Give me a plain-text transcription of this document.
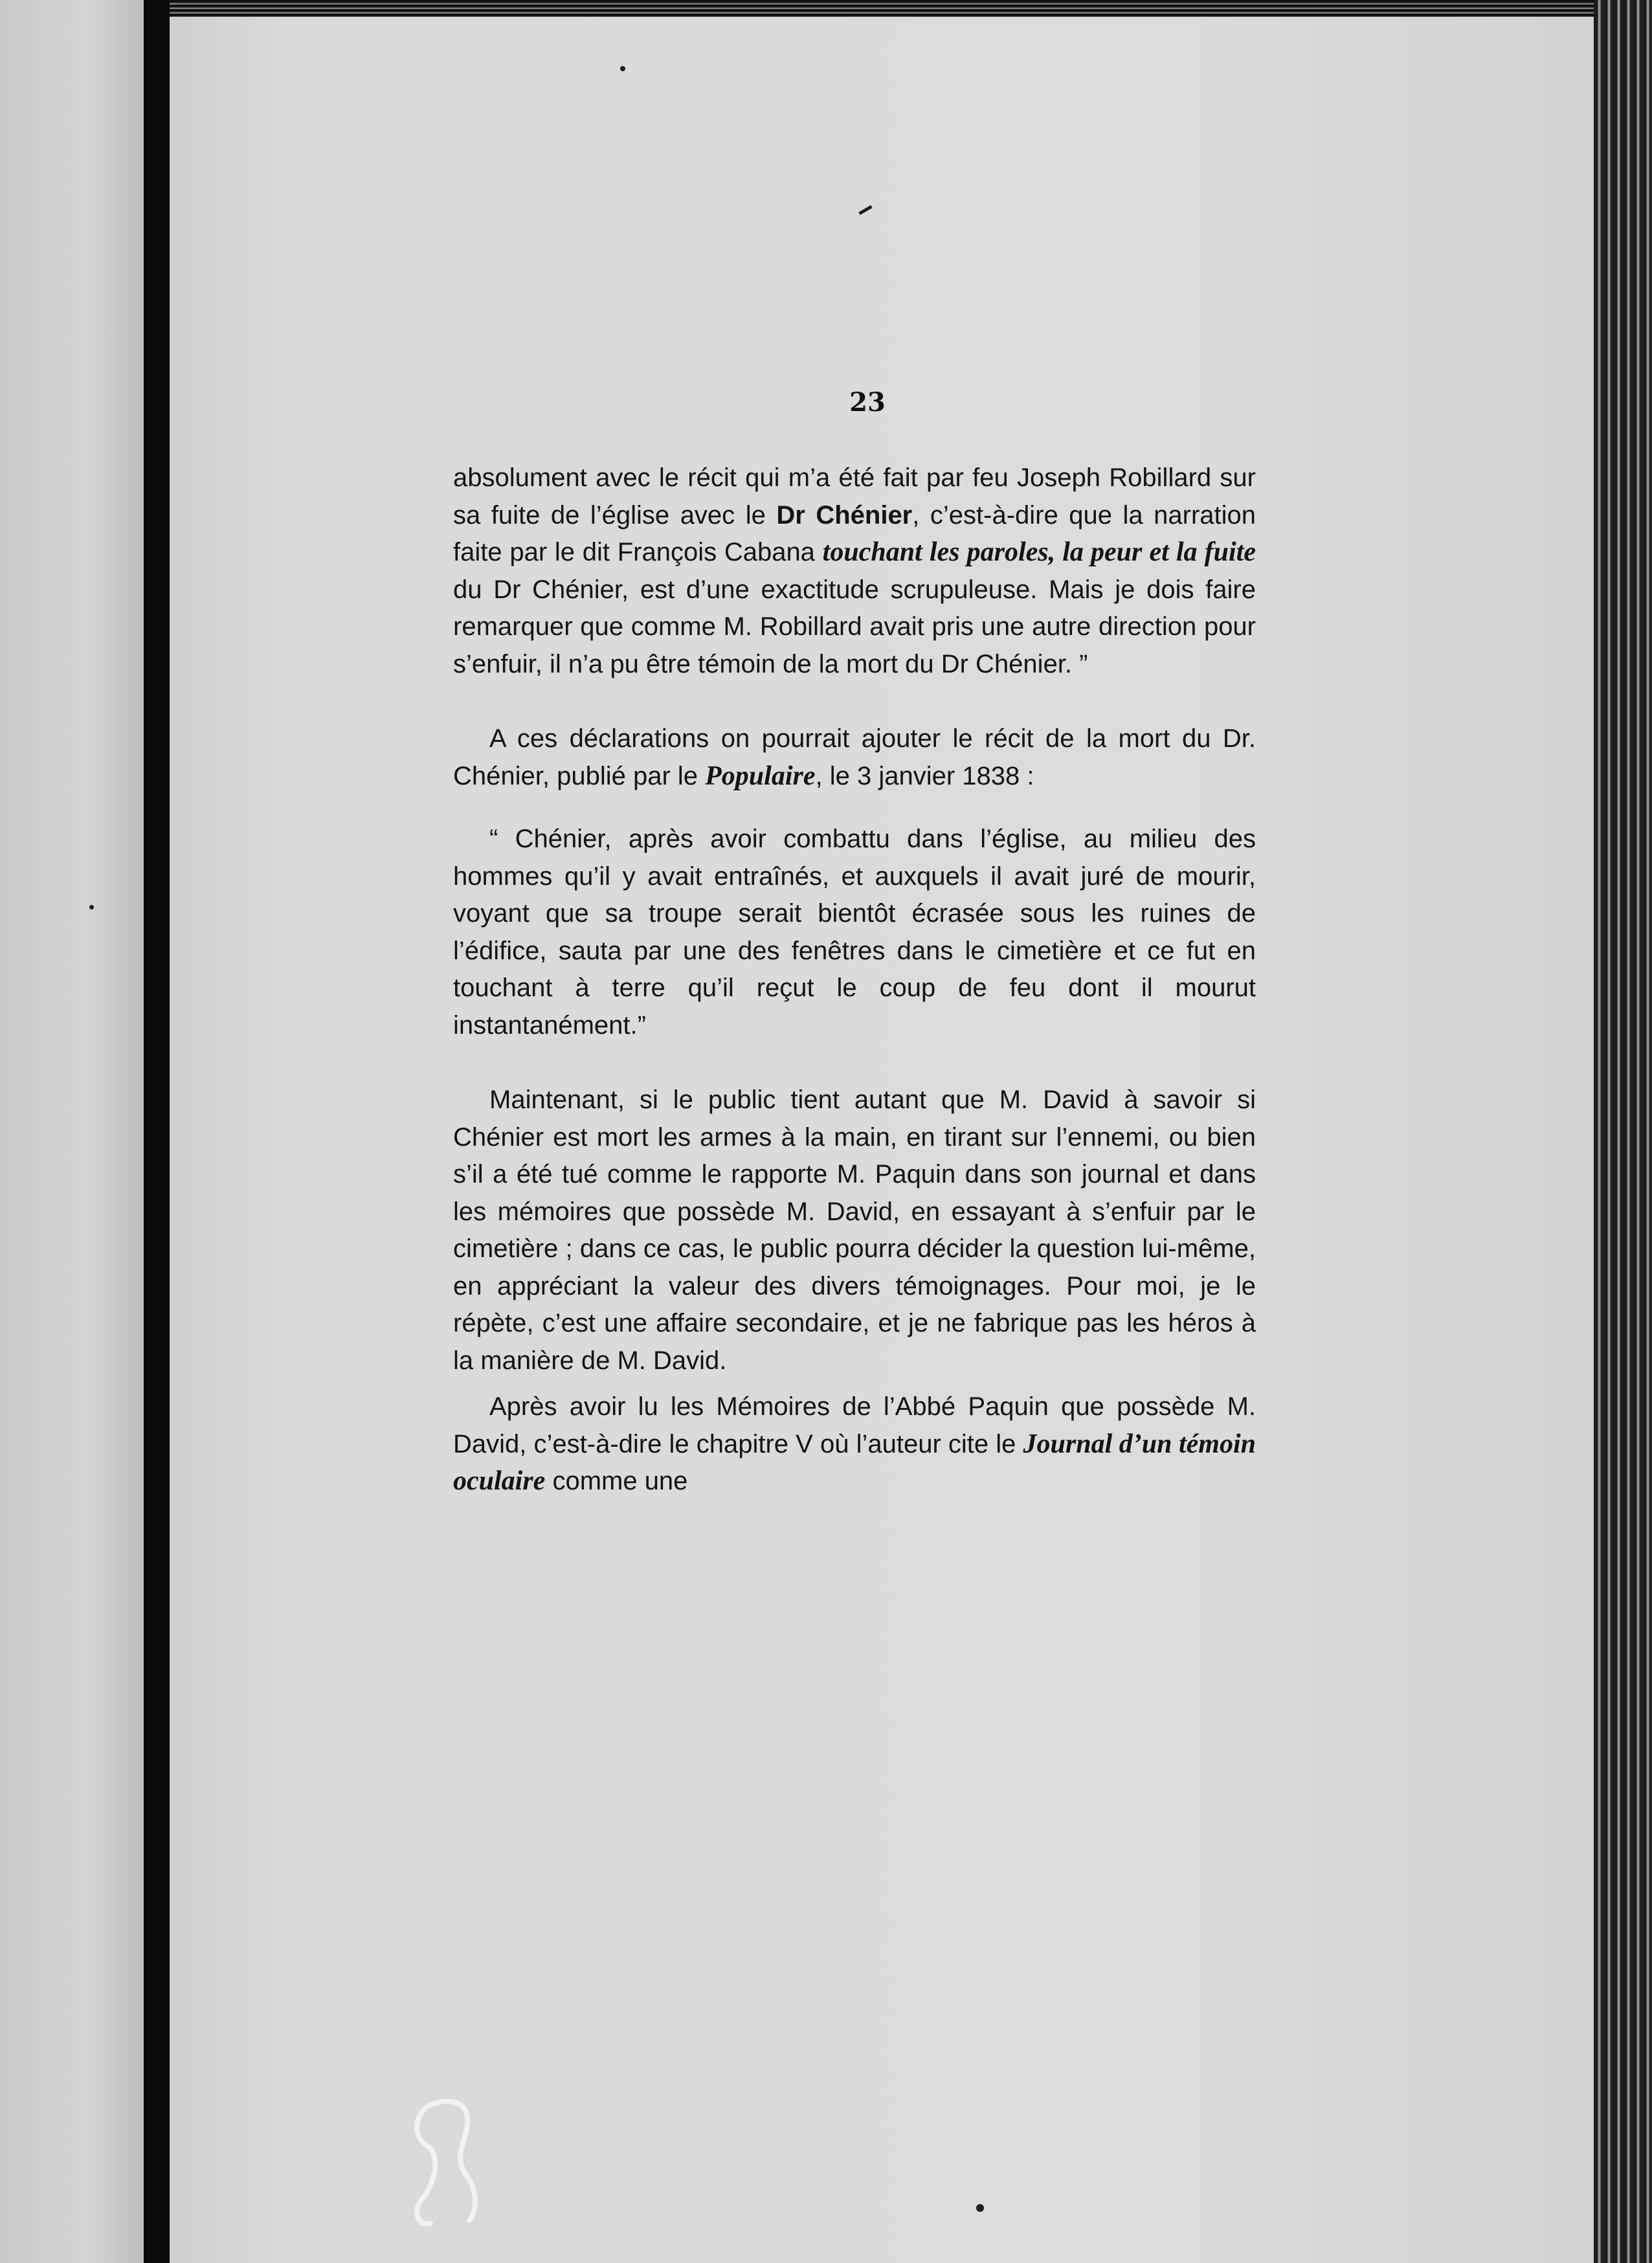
23

absolument avec le récit qui m’a été fait par feu Joseph Robillard sur sa fuite de l’église avec le Dr Chénier, c’est-à-dire que la narration faite par le dit François Cabana touchant les paroles, la peur et la fuite du Dr Chénier, est d’une exactitude scrupuleuse. Mais je dois faire remarquer que comme M. Robillard avait pris une autre direction pour s’enfuir, il n’a pu être témoin de la mort du Dr Chénier. ”

A ces déclarations on pourrait ajouter le récit de la mort du Dr. Chénier, publié par le Populaire, le 3 janvier 1838 :

“ Chénier, après avoir combattu dans l’église, au milieu des hommes qu’il y avait entraînés, et auxquels il avait juré de mourir, voyant que sa troupe serait bientôt écrasée sous les ruines de l’édifice, sauta par une des fenêtres dans le cimetière et ce fut en touchant à terre qu’il reçut le coup de feu dont il mourut instantanément.”

Maintenant, si le public tient autant que M. David à savoir si Chénier est mort les armes à la main, en tirant sur l’ennemi, ou bien s’il a été tué comme le rapporte M. Paquin dans son journal et dans les mémoires que possède M. David, en essayant à s’enfuir par le cimetière ; dans ce cas, le public pourra décider la question lui-même, en appréciant la valeur des divers témoignages. Pour moi, je le répète, c’est une affaire secondaire, et je ne fabrique pas les héros à la manière de M. David.

Après avoir lu les Mémoires de l’Abbé Paquin que possède M. David, c’est-à-dire le chapitre V où l’auteur cite le Journal d’un témoin oculaire comme une
